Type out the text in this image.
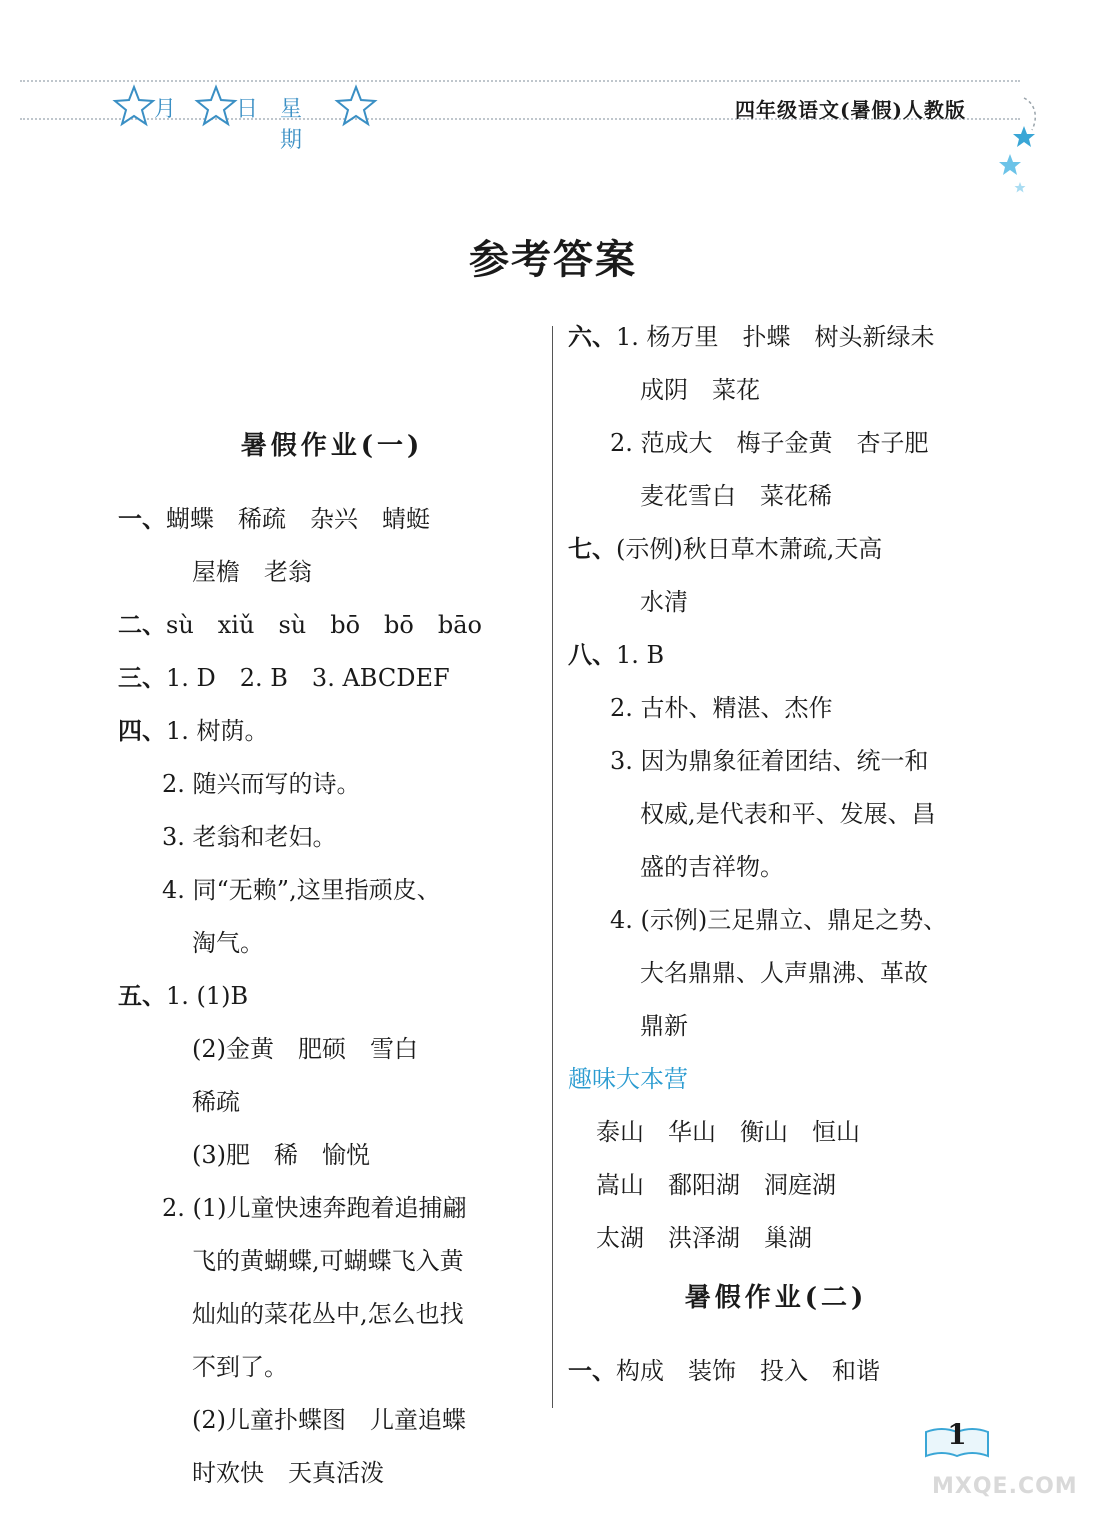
月	日 星期
四年级语文(暑假)人教版
参考答案
暑假作业(一)
一、蝴蝶　稀疏　杂兴　蜻蜓
屋檐　老翁
二、sù　xiǔ　sù　bō　bō　bāo
三、1. D　2. B　3. ABCDEF
四、1. 树荫。
2. 随兴而写的诗。
3. 老翁和老妇。
4. 同“无赖”,这里指顽皮、
淘气。
五、1. (1)B
(2)金黄　肥硕　雪白
稀疏
(3)肥　稀　愉悦
2. (1)儿童快速奔跑着追捕翩
飞的黄蝴蝶,可蝴蝶飞入黄
灿灿的菜花丛中,怎么也找
不到了。
(2)儿童扑蝶图　儿童追蝶
时欢快　天真活泼
六、1. 杨万里　扑蝶　树头新绿未
成阴　菜花
2. 范成大　梅子金黄　杏子肥
麦花雪白　菜花稀
七、(示例)秋日草木萧疏,天高
水清
八、1. B
2. 古朴、精湛、杰作
3. 因为鼎象征着团结、统一和
权威,是代表和平、发展、昌
盛的吉祥物。
4. (示例)三足鼎立、鼎足之势、
大名鼎鼎、人声鼎沸、革故
鼎新
趣味大本营
泰山　华山　衡山　恒山
嵩山　鄱阳湖　洞庭湖
太湖　洪泽湖　巢湖
暑假作业(二)
一、构成　装饰　投入　和谐
1
MXQE.COM
